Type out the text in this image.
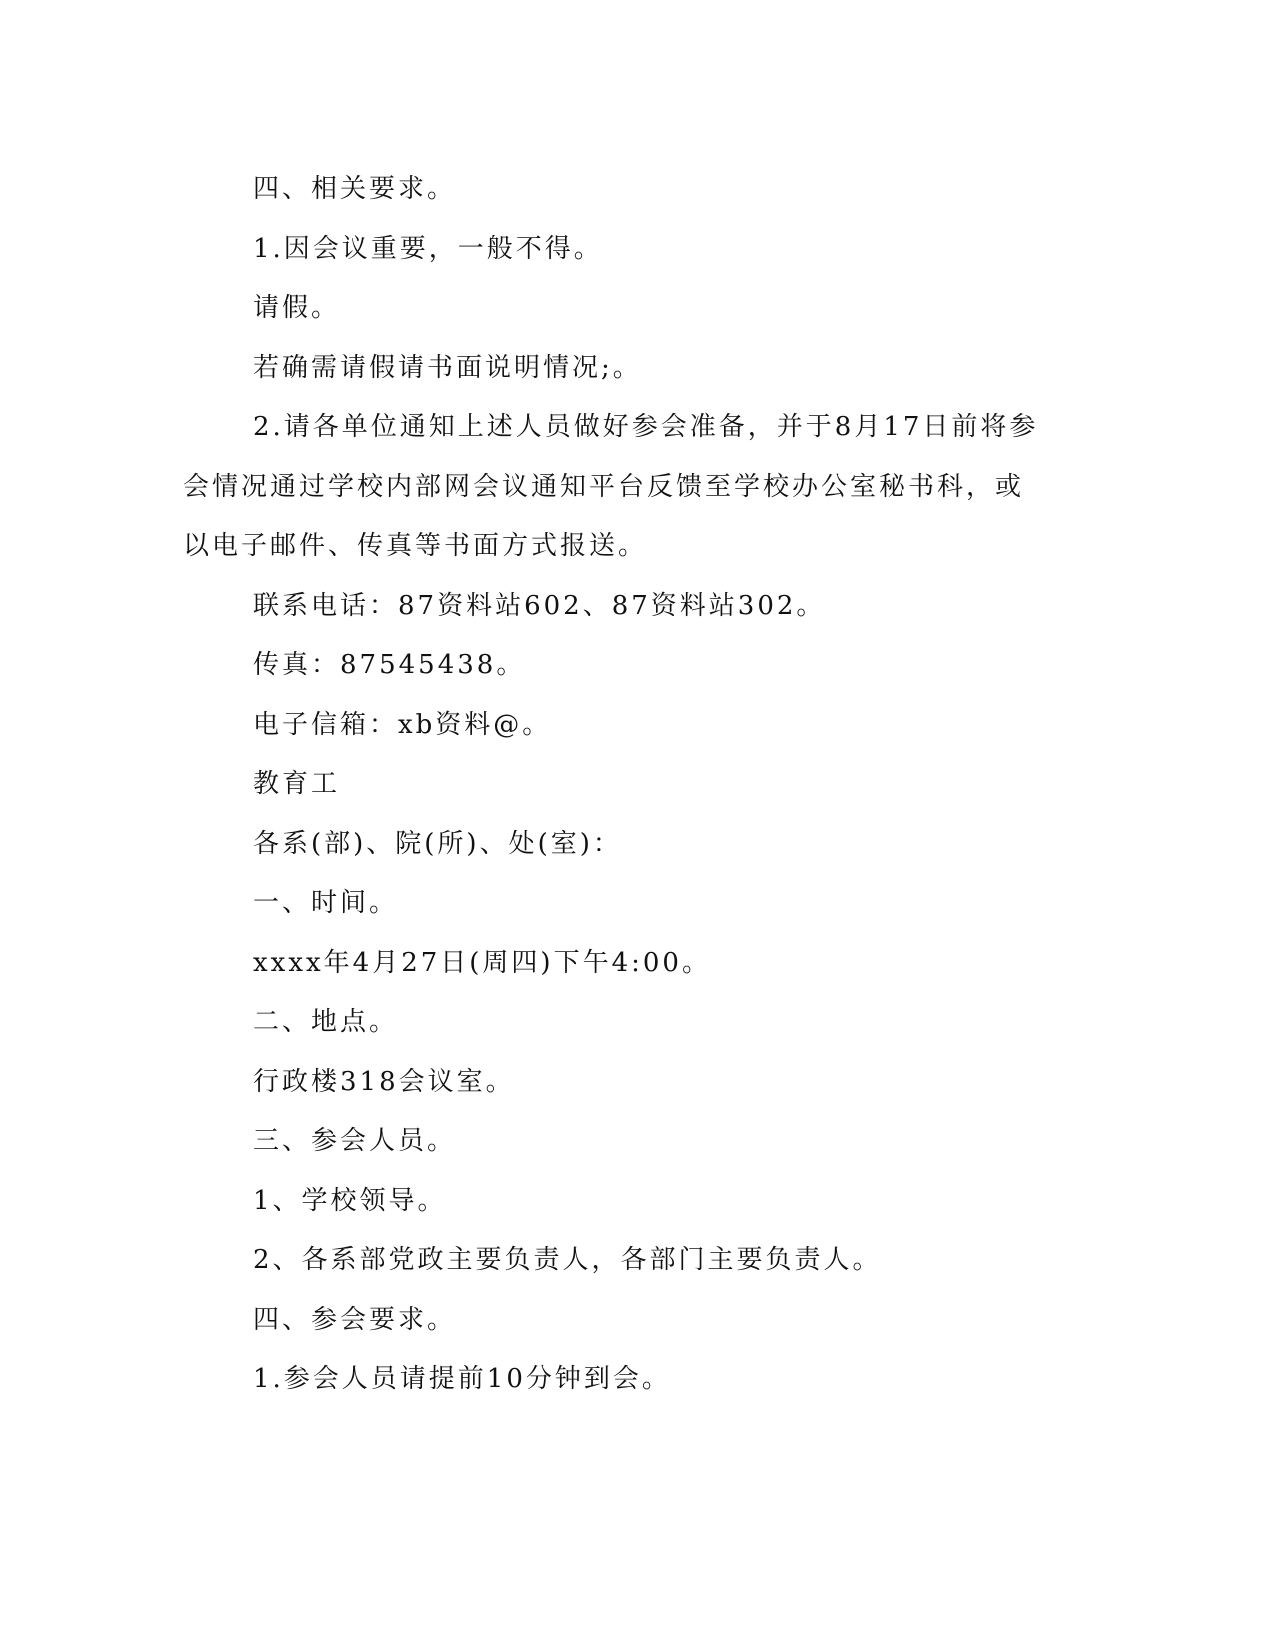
四、相关要求。

1.因会议重要，一般不得。

请假。

若确需请假请书面说明情况;。

2.请各单位通知上述人员做好参会准备，并于8月17日前将参会情况通过学校内部网会议通知平台反馈至学校办公室秘书科，或以电子邮件、传真等书面方式报送。

联系电话：87资料站602、87资料站302。

传真：87545438。

电子信箱：xb资料@。

教育工

各系(部)、院(所)、处(室)：

一、时间。

xxxx年4月27日(周四)下午4:00。

二、地点。

行政楼318会议室。

三、参会人员。

1、学校领导。

2、各系部党政主要负责人，各部门主要负责人。

四、参会要求。

1.参会人员请提前10分钟到会。
